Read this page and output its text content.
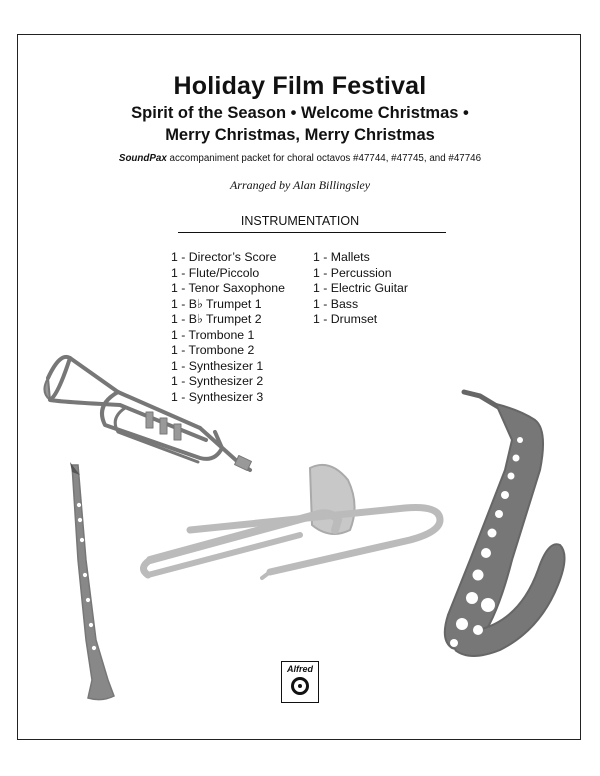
Holiday Film Festival
Spirit of the Season • Welcome Christmas •
Merry Christmas, Merry Christmas
SoundPax accompaniment packet for choral octavos #47744, #47745, and #47746
Arranged by Alan Billingsley
INSTRUMENTATION
1 - Director’s Score
1 - Flute/Piccolo
1 - Tenor Saxophone
1 - B♭ Trumpet 1
1 - B♭ Trumpet 2
1 - Trombone 1
1 - Trombone 2
1 - Synthesizer 1
1 - Synthesizer 2
1 - Synthesizer 3
1 - Mallets
1 - Percussion
1 - Electric Guitar
1 - Bass
1 - Drumset
Alfred
